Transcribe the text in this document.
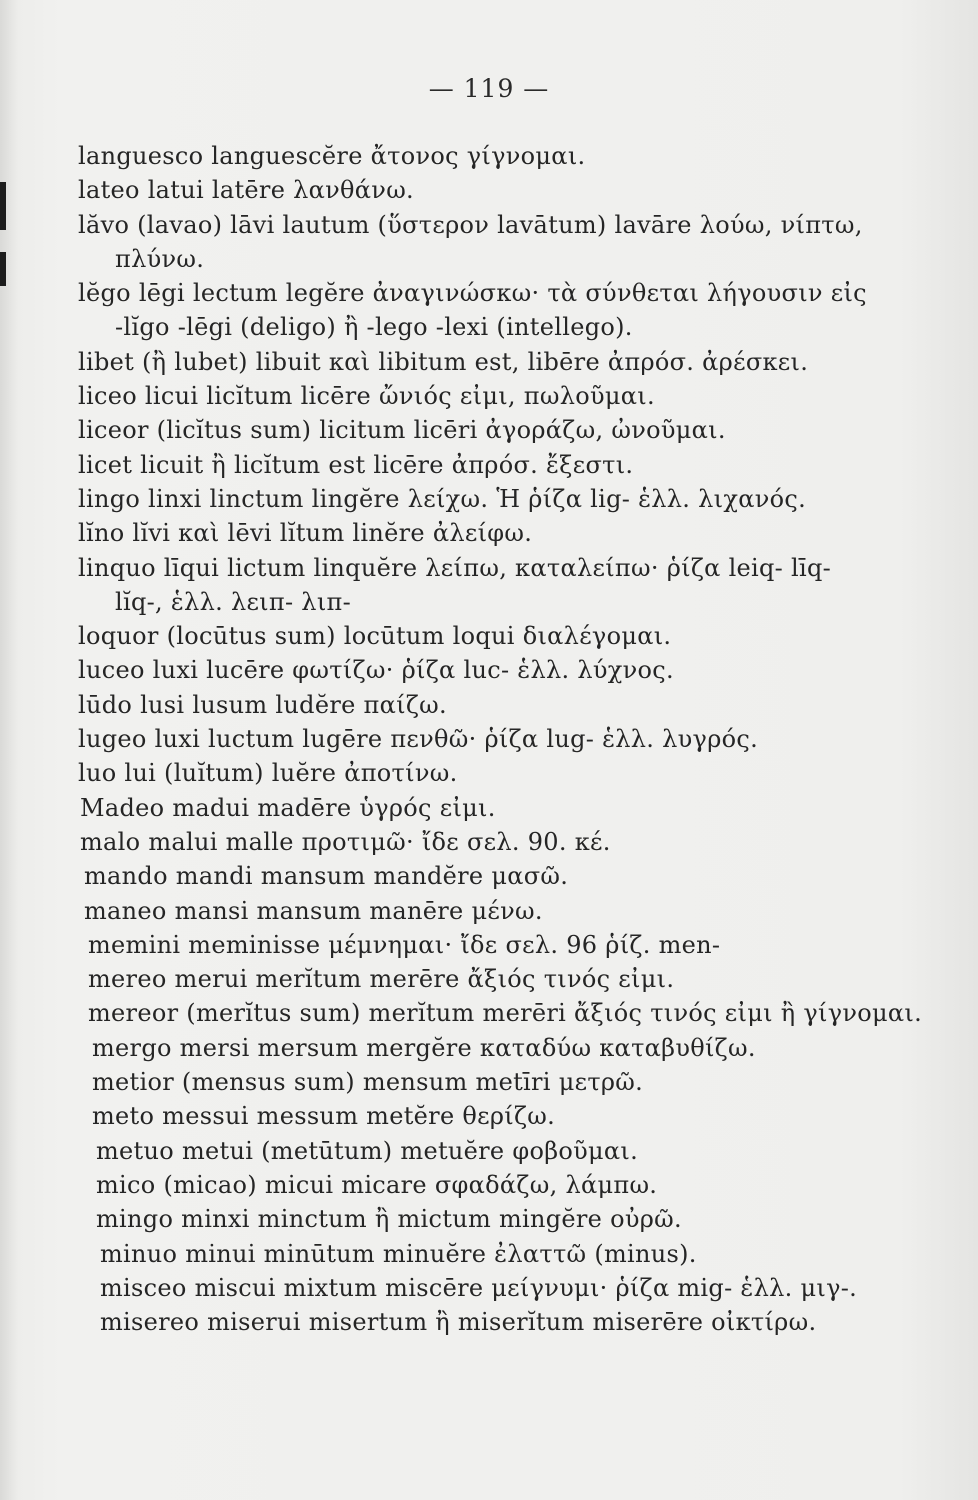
— 119 —
languesco languescĕre ἄτονος γίγνομαι.
lateo latui latēre λανθάνω.
lăvo (lavao) lāvi lautum (ὕστερον lavātum) lavāre λούω, νίπτω,
πλύνω.
lĕgo lēgi lectum legĕre ἀναγινώσκω· τὰ σύνθεται λήγουσιν εἰς
-lĭgo -lēgi (deligo) ἢ -lego -lexi (intellego).
libet (ἢ lubet) libuit καὶ libitum est, libēre ἀπρόσ. ἀρέσκει.
liceo licui licĭtum licēre ὤνιός εἰμι, πωλοῦμαι.
liceor (licĭtus sum) licitum licēri ἀγοράζω, ὠνοῦμαι.
licet licuit ἢ licĭtum est licēre ἀπρόσ. ἔξεστι.
lingo linxi linctum lingĕre λείχω. Ἡ ῥίζα lig- ἑλλ. λιχανός.
lĭno lĭvi καὶ lēvi lĭtum linĕre ἀλείφω.
linquo līqui lictum linquĕre λείπω, καταλείπω· ῥίζα leiq- līq-
lĭq-, ἑλλ. λειπ- λιπ-
loquor (locūtus sum) locūtum loqui διαλέγομαι.
luceo luxi lucēre φωτίζω· ῥίζα luc- ἑλλ. λύχνος.
lūdo lusi lusum ludĕre παίζω.
lugeo luxi luctum lugēre πενθῶ· ῥίζα lug- ἑλλ. λυγρός.
luo lui (luĭtum) luĕre ἀποτίνω.
Madeo madui madēre ὑγρός εἰμι.
malo malui malle προτιμῶ· ἴδε σελ. 90. κέ.
mando mandi mansum mandĕre μασῶ.
maneo mansi mansum manēre μένω.
memini meminisse μέμνημαι· ἴδε σελ. 96 ῥίζ. men-
mereo merui merĭtum merēre ἄξιός τινός εἰμι.
mereor (merĭtus sum) merĭtum merēri ἄξιός τινός εἰμι ἢ γίγνομαι.
mergo mersi mersum mergĕre καταδύω καταβυθίζω.
metior (mensus sum) mensum metīri μετρῶ.
meto messui messum metĕre θερίζω.
metuo metui (metūtum) metuĕre φοβοῦμαι.
mico (micao) micui micare σφαδάζω, λάμπω.
mingo minxi minctum ἢ mictum mingĕre οὐρῶ.
minuo minui minūtum minuĕre ἐλαττῶ (minus).
misceo miscui mixtum miscēre μείγνυμι· ῥίζα mig- ἑλλ. μιγ-.
misereo miserui misertum ἢ miserĭtum miserēre οἰκτίρω.
